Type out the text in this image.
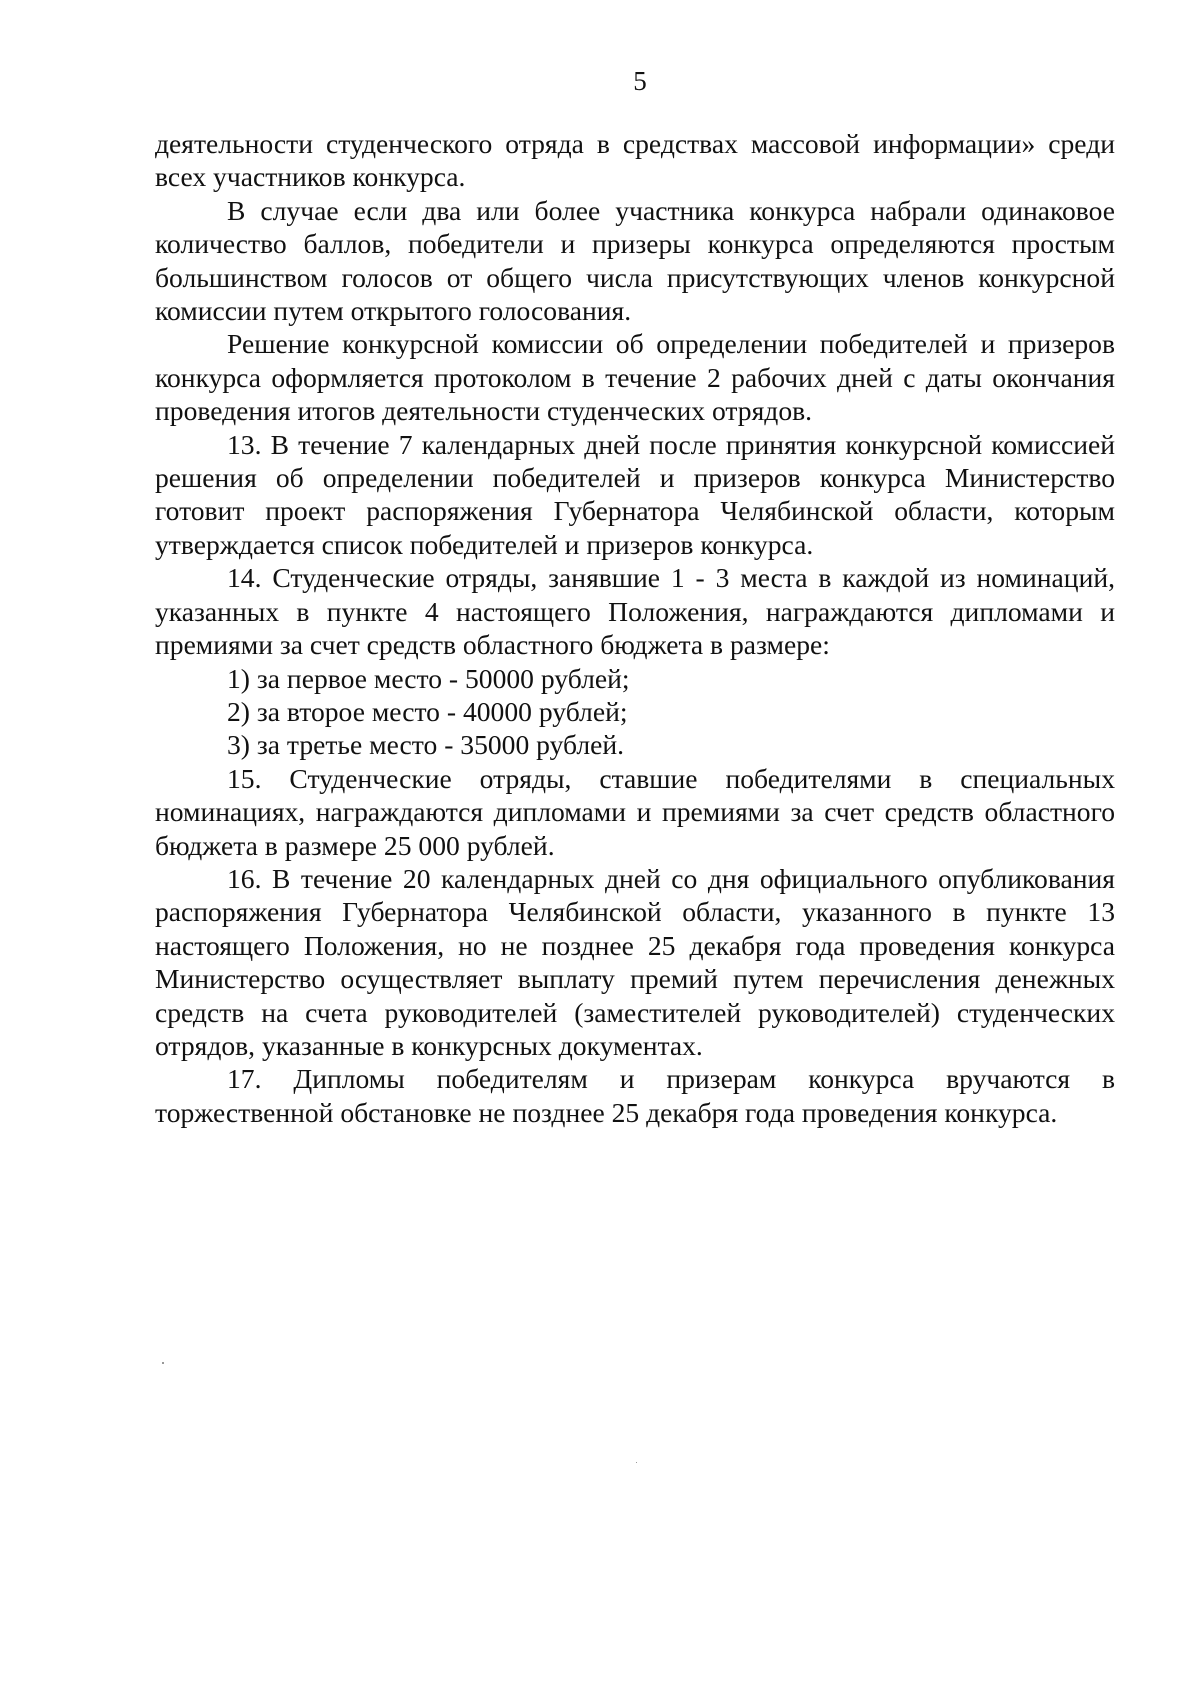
5

деятельности студенческого отряда в средствах массовой информации» среди всех участников конкурса.

В случае если два или более участника конкурса набрали одинаковое количество баллов, победители и призеры конкурса определяются простым большинством голосов от общего числа присутствующих членов конкурсной комиссии путем открытого голосования.

Решение конкурсной комиссии об определении победителей и призеров конкурса оформляется протоколом в течение 2 рабочих дней с даты окончания проведения итогов деятельности студенческих отрядов.

13. В течение 7 календарных дней после принятия конкурсной комиссией решения об определении победителей и призеров конкурса Министерство готовит проект распоряжения Губернатора Челябинской области, которым утверждается список победителей и призеров конкурса.

14. Студенческие отряды, занявшие 1 - 3 места в каждой из номинаций, указанных в пункте 4 настоящего Положения, награждаются дипломами и премиями за счет средств областного бюджета в размере:

1) за первое место - 50000 рублей;

2) за второе место - 40000 рублей;

3) за третье место - 35000 рублей.

15. Студенческие отряды, ставшие победителями в специальных номинациях, награждаются дипломами и премиями за счет средств областного бюджета в размере 25 000 рублей.

16. В течение 20 календарных дней со дня официального опубликования распоряжения Губернатора Челябинской области, указанного в пункте 13 настоящего Положения, но не позднее 25 декабря года проведения конкурса Министерство осуществляет выплату премий путем перечисления денежных средств на счета руководителей (заместителей руководителей) студенческих отрядов, указанные в конкурсных документах.

17. Дипломы победителям и призерам конкурса вручаются в торжественной обстановке не позднее 25 декабря года проведения конкурса.
